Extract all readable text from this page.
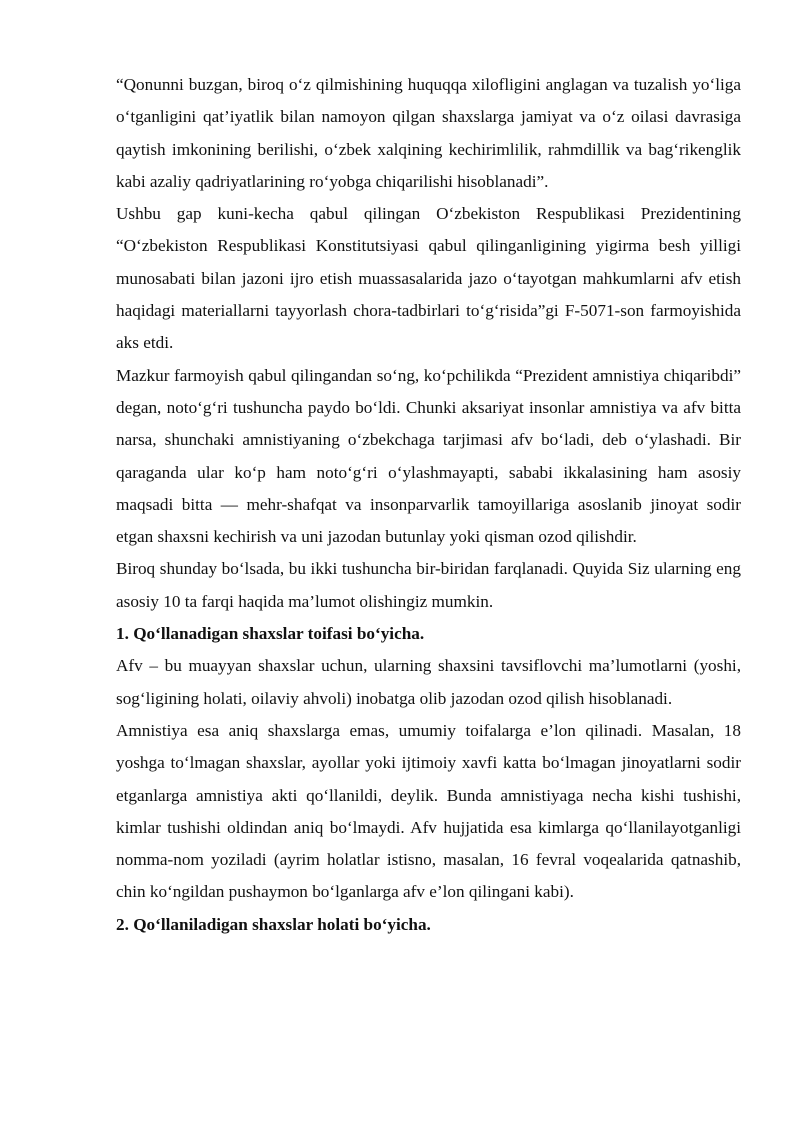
“Qonunni buzgan, biroq o‘z qilmishining huquqqa xilofligini anglagan va tuzalish yo‘liga o‘tganligini qat’iyatlik bilan namoyon qilgan shaxslarga jamiyat va o‘z oilasi davrasiga qaytish imkonining berilishi, o‘zbek xalqining kechirimlilik, rahmdillik va bag‘rikenglik kabi azaliy qadriyatlarining ro‘yobga chiqarilishi hisoblanadi”.

Ushbu gap kuni-kecha qabul qilingan O‘zbekiston Respublikasi Prezidentining “O‘zbekiston Respublikasi Konstitutsiyasi qabul qilinganligining yigirma besh yilligi munosabati bilan jazoni ijro etish muassasalarida jazo o‘tayotgan mahkumlarni afv etish haqidagi materiallarni tayyorlash chora-tadbirlari to‘g‘risida”gi F-5071-son farmoyishida aks etdi.

Mazkur farmoyish qabul qilingandan so‘ng, ko‘pchilikda “Prezident amnistiya chiqaribdi” degan, noto‘g‘ri tushuncha paydo bo‘ldi. Chunki aksariyat insonlar amnistiya va afv bitta narsa, shunchaki amnistiyaning o‘zbekchaga tarjimasi afv bo‘ladi, deb o‘ylashadi. Bir qaraganda ular ko‘p ham noto‘g‘ri o‘ylashmayapti, sababi ikkalasining ham asosiy maqsadi bitta — mehr-shafqat va insonparvarlik tamoyillariga asoslanib jinoyat sodir etgan shaxsni kechirish va uni jazodan butunlay yoki qisman ozod qilishdir.

Biroq shunday bo‘lsada, bu ikki tushuncha bir-biridan farqlanadi. Quyida Siz ularning eng asosiy 10 ta farqi haqida ma’lumot olishingiz mumkin.

1. Qo‘llanadigan shaxslar toifasi bo‘yicha.

Afv – bu muayyan shaxslar uchun, ularning shaxsini tavsiflovchi ma’lumotlarni (yoshi, sog‘ligining holati, oilaviy ahvoli) inobatga olib jazodan ozod qilish hisoblanadi.

Amnistiya esa aniq shaxslarga emas, umumiy toifalarga e’lon qilinadi. Masalan, 18 yoshga to‘lmagan shaxslar, ayollar yoki ijtimoiy xavfi katta bo‘lmagan jinoyatlarni sodir etganlarga amnistiya akti qo‘llanildi, deylik. Bunda amnistiyaga necha kishi tushishi, kimlar tushishi oldindan aniq bo‘lmaydi. Afv hujjatida esa kimlarga qo‘llanilayotganligi nomma-nom yoziladi (ayrim holatlar istisno, masalan, 16 fevral voqealarida qatnashib, chin ko‘ngildan pushaymon bo‘lganlarga afv e’lon qilingani kabi).

2. Qo‘llaniladigan shaxslar holati bo‘yicha.
